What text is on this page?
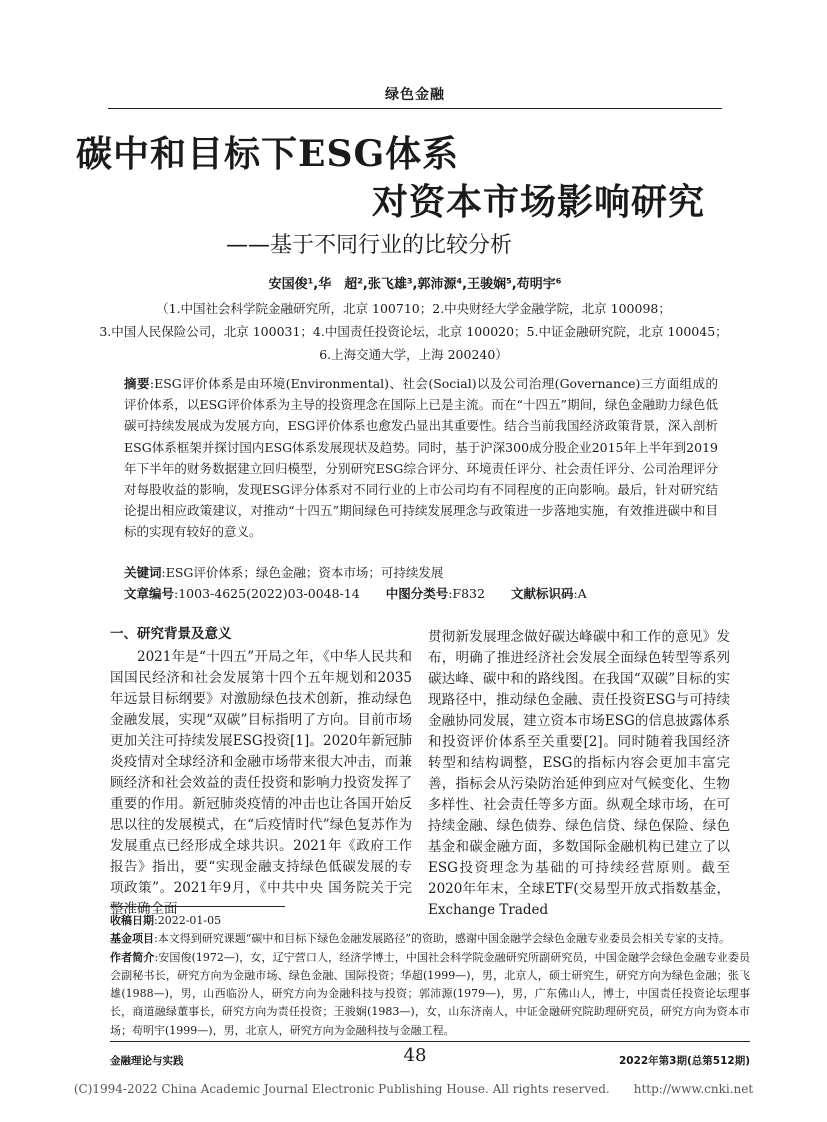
绿色金融
碳中和目标下ESG体系
对资本市场影响研究
——基于不同行业的比较分析
安国俊¹,华　超²,张飞雄³,郭沛源⁴,王骏娴⁵,苟明宇⁶
（1.中国社会科学院金融研究所，北京 100710；2.中央财经大学金融学院，北京 100098；
3.中国人民保险公司，北京 100031；4.中国责任投资论坛，北京 100020；5.中证金融研究院，北京 100045；
6.上海交通大学，上海 200240）
摘要:ESG评价体系是由环境(Environmental)、社会(Social)以及公司治理(Governance)三方面组成的评价体系，以ESG评价体系为主导的投资理念在国际上已是主流。而在“十四五”期间，绿色金融助力绿色低碳可持续发展成为发展方向，ESG评价体系也愈发凸显出其重要性。结合当前我国经济政策背景，深入剖析ESG体系框架并探讨国内ESG体系发展现状及趋势。同时，基于沪深300成分股企业2015年上半年到2019年下半年的财务数据建立回归模型，分别研究ESG综合评分、环境责任评分、社会责任评分、公司治理评分对每股收益的影响，发现ESG评分体系对不同行业的上市公司均有不同程度的正向影响。最后，针对研究结论提出相应政策建议，对推动“十四五”期间绿色可持续发展理念与政策进一步落地实施，有效推进碳中和目标的实现有较好的意义。
关键词:ESG评价体系；绿色金融；资本市场；可持续发展
文章编号:1003-4625(2022)03-0048-14 中图分类号:F832 文献标识码:A
一、研究背景及意义
2021年是“十四五”开局之年，《中华人民共和国国民经济和社会发展第十四个五年规划和2035年远景目标纲要》对激励绿色技术创新，推动绿色金融发展，实现“双碳”目标指明了方向。目前市场更加关注可持续发展ESG投资[1]。2020年新冠肺炎疫情对全球经济和金融市场带来很大冲击，而兼顾经济和社会效益的责任投资和影响力投资发挥了重要的作用。新冠肺炎疫情的冲击也让各国开始反思以往的发展模式，在“后疫情时代”绿色复苏作为发展重点已经形成全球共识。2021年《政府工作报告》指出，要“实现金融支持绿色低碳发展的专项政策”。2021年9月，《中共中央 国务院关于完整准确全面
贯彻新发展理念做好碳达峰碳中和工作的意见》发布，明确了推进经济社会发展全面绿色转型等系列碳达峰、碳中和的路线图。在我国“双碳”目标的实现路径中，推动绿色金融、责任投资ESG与可持续金融协同发展，建立资本市场ESG的信息披露体系和投资评价体系至关重要[2]。同时随着我国经济转型和结构调整，ESG的指标内容会更加丰富完善，指标会从污染防治延伸到应对气候变化、生物多样性、社会责任等多方面。纵观全球市场，在可持续金融、绿色债券、绿色信贷、绿色保险、绿色基金和碳金融方面，多数国际金融机构已建立了以ESG投资理念为基础的可持续经营原则。截至2020年年末，全球ETF(交易型开放式指数基金，Exchange Traded
收稿日期:2022-01-05
基金项目:本文得到研究课题“碳中和目标下绿色金融发展路径”的资助，感谢中国金融学会绿色金融专业委员会相关专家的支持。
作者简介:安国俊(1972—)，女，辽宁营口人，经济学博士，中国社会科学院金融研究所副研究员，中国金融学会绿色金融专业委员会副秘书长，研究方向为金融市场、绿色金融、国际投资；华超(1999—)，男，北京人，硕士研究生，研究方向为绿色金融；张飞雄(1988—)，男，山西临汾人，研究方向为金融科技与投资；郭沛源(1979—)，男，广东佛山人，博士，中国责任投资论坛理事长，商道融绿董事长，研究方向为责任投资；王骏娴(1983—)，女，山东济南人，中证金融研究院助理研究员，研究方向为资本市场；苟明宇(1999—)，男，北京人，研究方向为金融科技与金融工程。
金融理论与实践	48	2022年第3期(总第512期)
(C)1994-2022 China Academic Journal Electronic Publishing House. All rights reserved.　　http://www.cnki.net
